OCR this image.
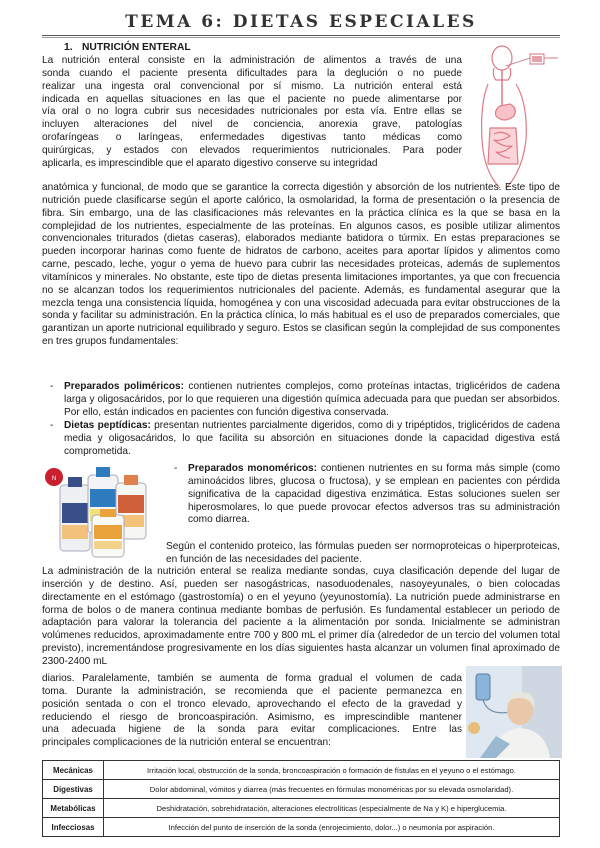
TEMA 6: DIETAS ESPECIALES
1. NUTRICIÓN ENTERAL
La nutrición enteral consiste en la administración de alimentos a través de una
sonda cuando el paciente presenta dificultades para la deglución o no puede
realizar una ingesta oral convencional por sí mismo. La nutrición enteral está
indicada en aquellas situaciones en las que el paciente no puede alimentarse por
vía oral o no logra cubrir sus necesidades nutricionales por esta vía. Entre ellas se
incluyen alteraciones del nivel de conciencia, anorexia grave, patologías
orofaríngeas o laríngeas, enfermedades digestivas tanto médicas como
quirúrgicas, y estados con elevados requerimientos nutricionales. Para poder
aplicarla, es imprescindible que el aparato digestivo conserve su integridad
anatómica y funcional, de modo que se garantice la correcta digestión y absorción de los nutrientes. Este tipo de nutrición puede clasificarse según el aporte calórico, la osmolaridad, la forma de presentación o la presencia de fibra. Sin embargo, una de las clasificaciones más relevantes en la práctica clínica es la que se basa en la complejidad de los nutrientes, especialmente de las proteínas. En algunos casos, es posible utilizar alimentos convencionales triturados (dietas caseras), elaborados mediante batidora o túrmix. En estas preparaciones se pueden incorporar harinas como fuente de hidratos de carbono, aceites para aportar lípidos y alimentos como carne, pescado, leche, yogur o yema de huevo para cubrir las necesidades proteicas, además de suplementos vitamínicos y minerales. No obstante, este tipo de dietas presenta limitaciones importantes, ya que con frecuencia no se alcanzan todos los requerimientos nutricionales del paciente. Además, es fundamental asegurar que la mezcla tenga una consistencia líquida, homogénea y con una viscosidad adecuada para evitar obstrucciones de la sonda y facilitar su administración. En la práctica clínica, lo más habitual es el uso de preparados comerciales, que garantizan un aporte nutricional equilibrado y seguro. Estos se clasifican según la complejidad de sus componentes en tres grupos fundamentales:
- Preparados poliméricos: contienen nutrientes complejos, como proteínas intactas, triglicéridos de cadena larga y oligosacáridos, por lo que requieren una digestión química adecuada para que puedan ser absorbidos. Por ello, están indicados en pacientes con función digestiva conservada.
- Dietas peptídicas: presentan nutrientes parcialmente digeridos, como di y tripéptidos, triglicéridos de cadena media y oligosacáridos, lo que facilita su absorción en situaciones donde la capacidad digestiva está comprometida.
N
- Preparados monoméricos: contienen nutrientes en su forma más simple (como aminoácidos libres, glucosa o fructosa), y se emplean en pacientes con pérdida significativa de la capacidad digestiva enzimática. Estas soluciones suelen ser hiperosmolares, lo que puede provocar efectos adversos tras su administración como diarrea.
Según el contenido proteico, las fórmulas pueden ser normoproteicas o hiperproteicas, en función de las necesidades del paciente.
La administración de la nutrición enteral se realiza mediante sondas, cuya clasificación depende del lugar de inserción y de destino. Así, pueden ser nasogástricas, nasoduodenales, nasoyeyunales, o bien colocadas directamente en el estómago (gastrostomía) o en el yeyuno (yeyunostomía). La nutrición puede administrarse en forma de bolos o de manera continua mediante bombas de perfusión. Es fundamental establecer un periodo de adaptación para valorar la tolerancia del paciente a la alimentación por sonda. Inicialmente se administran volúmenes reducidos, aproximadamente entre 700 y 800 mL el primer día (alrededor de un tercio del volumen total previsto), incrementándose progresivamente en los días siguientes hasta alcanzar un volumen final aproximado de 2300-2400 mL
diarios. Paralelamente, también se aumenta de forma gradual el volumen de cada
toma. Durante la administración, se recomienda que el paciente permanezca en
posición sentada o con el tronco elevado, aprovechando el efecto de la gravedad y
reduciendo el riesgo de broncoaspiración. Asimismo, es imprescindible mantener
una adecuada higiene de la sonda para evitar complicaciones. Entre las
principales complicaciones de la nutrición enteral se encuentran:
Mecánicas	Irritación local, obstrucción de la sonda, broncoaspiración o formación de fístulas en el yeyuno o el estómago.
Digestivas	Dolor abdominal, vómitos y diarrea (más frecuentes en fórmulas monoméricas por su elevada osmolaridad).
Metabólicas	Deshidratación, sobrehidratación, alteraciones electrolíticas (especialmente de Na y K) e hiperglucemia.
Infecciosas	Infección del punto de inserción de la sonda (enrojecimiento, dolor...) o neumonía por aspiración.
